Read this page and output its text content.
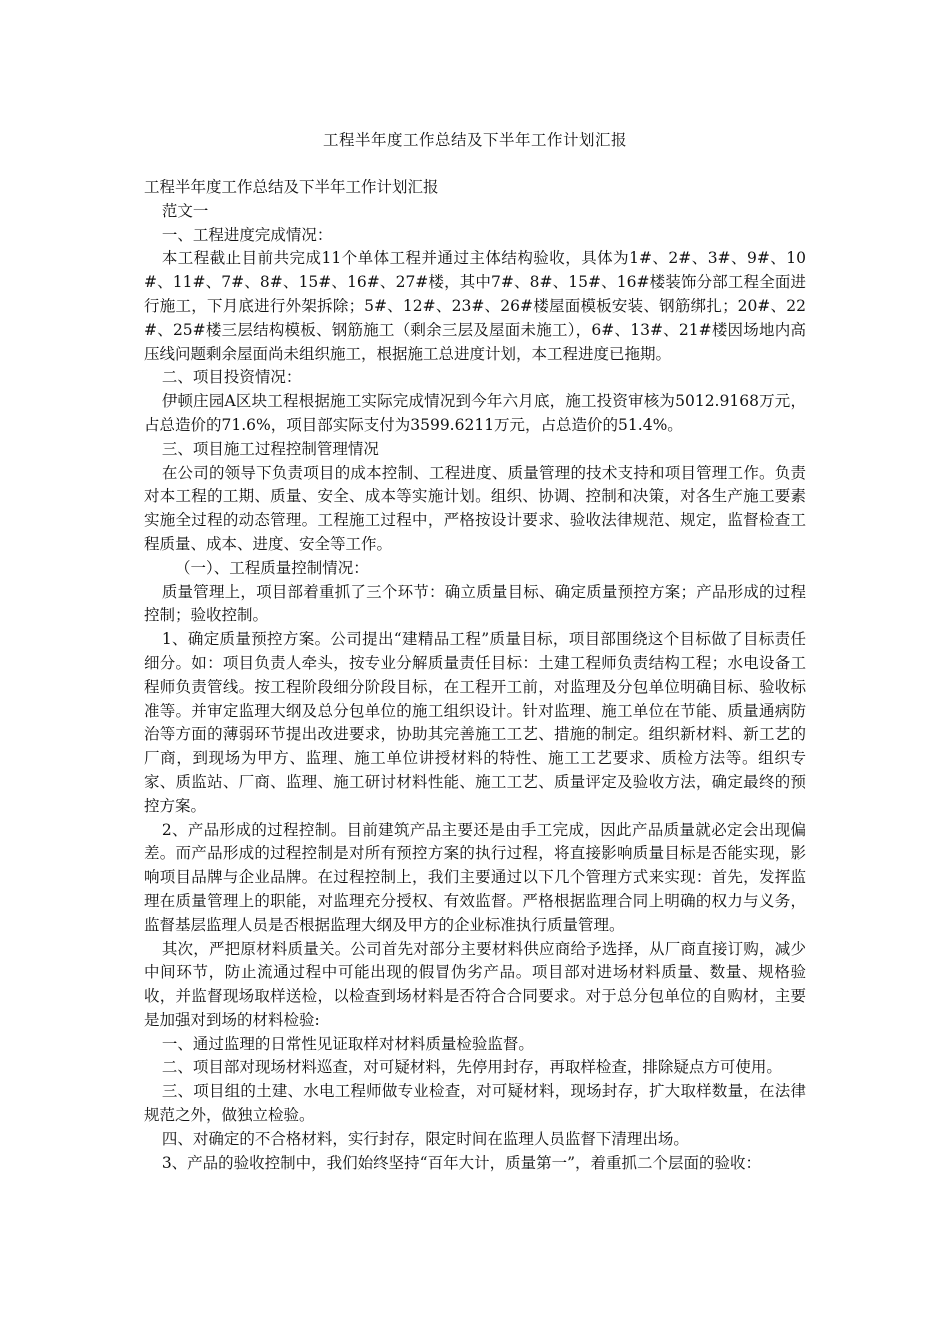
工程半年度工作总结及下半年工作计划汇报

工程半年度工作总结及下半年工作计划汇报

范文一

一、工程进度完成情况：

本工程截止目前共完成11个单体工程并通过主体结构验收，具体为1#、2#、3#、9#、10#、11#、7#、8#、15#、16#、27#楼，其中7#、8#、15#、16#楼装饰分部工程全面进行施工，下月底进行外架拆除；5#、12#、23#、26#楼屋面模板安装、钢筋绑扎；20#、22#、25#楼三层结构模板、钢筋施工（剩余三层及屋面未施工），6#、13#、21#楼因场地内高压线问题剩余屋面尚未组织施工，根据施工总进度计划，本工程进度已拖期。

二、项目投资情况：

伊顿庄园A区块工程根据施工实际完成情况到今年六月底，施工投资审核为5012.9168万元，占总造价的71.6%，项目部实际支付为3599.6211万元，占总造价的51.4%。

三、项目施工过程控制管理情况

在公司的领导下负责项目的成本控制、工程进度、质量管理的技术支持和项目管理工作。负责对本工程的工期、质量、安全、成本等实施计划。组织、协调、控制和决策，对各生产施工要素实施全过程的动态管理。工程施工过程中，严格按设计要求、验收法律规范、规定，监督检查工程质量、成本、进度、安全等工作。

（一）、工程质量控制情况：

质量管理上，项目部着重抓了三个环节：确立质量目标、确定质量预控方案；产品形成的过程控制；验收控制。

1、确定质量预控方案。公司提出“建精品工程”质量目标，项目部围绕这个目标做了目标责任细分。如：项目负责人牵头，按专业分解质量责任目标：土建工程师负责结构工程；水电设备工程师负责管线。按工程阶段细分阶段目标，在工程开工前，对监理及分包单位明确目标、验收标准等。并审定监理大纲及总分包单位的施工组织设计。针对监理、施工单位在节能、质量通病防治等方面的薄弱环节提出改进要求，协助其完善施工工艺、措施的制定。组织新材料、新工艺的厂商，到现场为甲方、监理、施工单位讲授材料的特性、施工工艺要求、质检方法等。组织专家、质监站、厂商、监理、施工研讨材料性能、施工工艺、质量评定及验收方法，确定最终的预控方案。

2、产品形成的过程控制。目前建筑产品主要还是由手工完成，因此产品质量就必定会出现偏差。而产品形成的过程控制是对所有预控方案的执行过程，将直接影响质量目标是否能实现，影响项目品牌与企业品牌。在过程控制上，我们主要通过以下几个管理方式来实现：首先，发挥监理在质量管理上的职能，对监理充分授权、有效监督。严格根据监理合同上明确的权力与义务，监督基层监理人员是否根据监理大纲及甲方的企业标准执行质量管理。

其次，严把原材料质量关。公司首先对部分主要材料供应商给予选择，从厂商直接订购，减少中间环节，防止流通过程中可能出现的假冒伪劣产品。项目部对进场材料质量、数量、规格验收，并监督现场取样送检，以检查到场材料是否符合合同要求。对于总分包单位的自购材，主要是加强对到场的材料检验:

一、通过监理的日常性见证取样对材料质量检验监督。

二、项目部对现场材料巡查，对可疑材料，先停用封存，再取样检查，排除疑点方可使用。

三、项目组的土建、水电工程师做专业检查，对可疑材料，现场封存，扩大取样数量，在法律规范之外，做独立检验。

四、对确定的不合格材料，实行封存，限定时间在监理人员监督下清理出场。

3、产品的验收控制中，我们始终坚持“百年大计，质量第一”，着重抓二个层面的验收：
